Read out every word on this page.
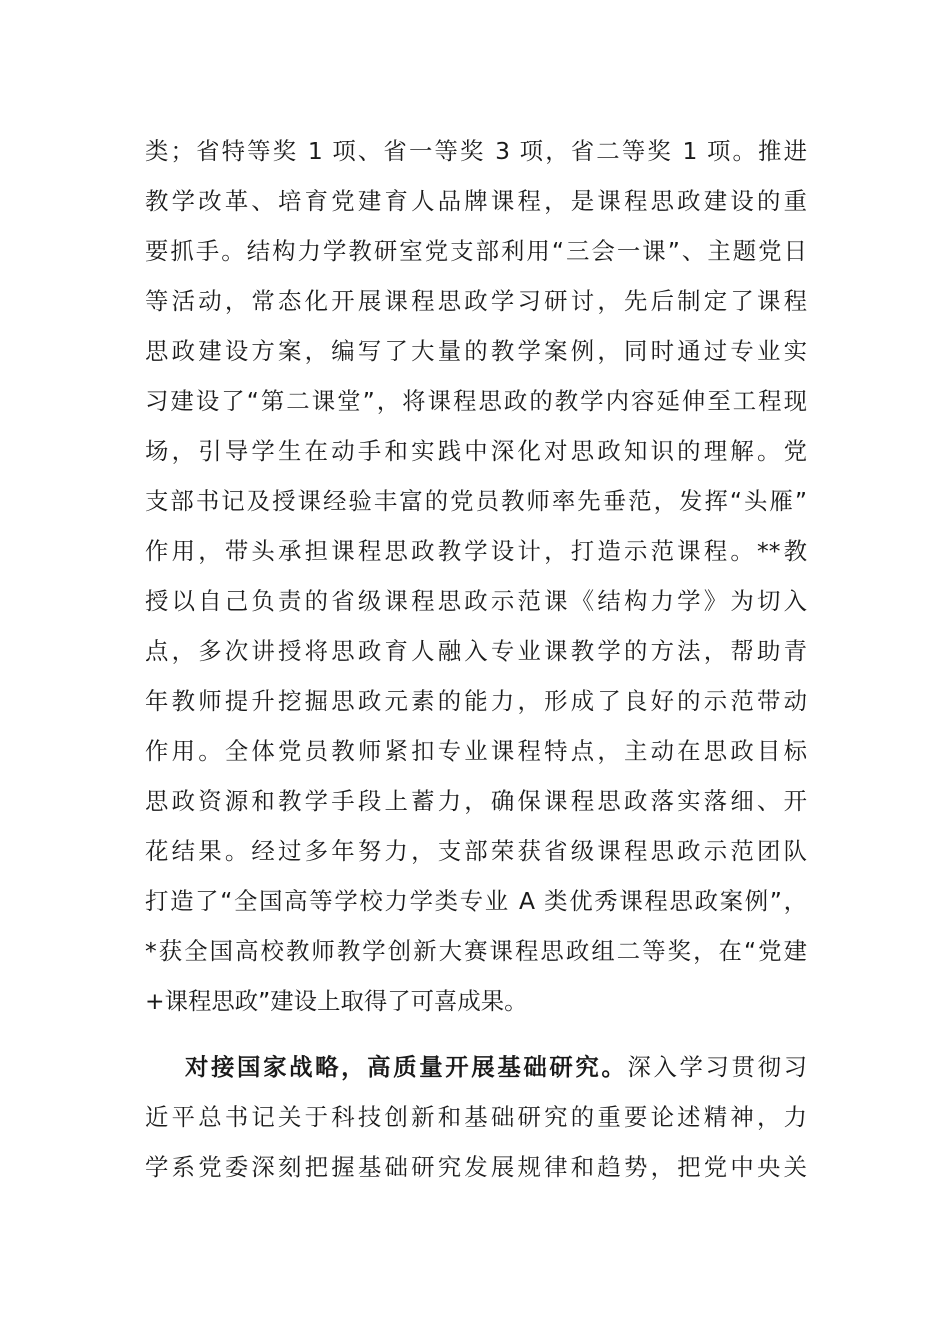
类；省特等奖 1 项、省一等奖 3 项，省二等奖 1 项。推进
教学改革、培育党建育人品牌课程，是课程思政建设的重
要抓手。结构力学教研室党支部利用“三会一课”、主题党日
等活动，常态化开展课程思政学习研讨，先后制定了课程
思政建设方案，编写了大量的教学案例，同时通过专业实
习建设了“第二课堂”，将课程思政的教学内容延伸至工程现
场，引导学生在动手和实践中深化对思政知识的理解。党
支部书记及授课经验丰富的党员教师率先垂范，发挥“头雁”
作用，带头承担课程思政教学设计，打造示范课程。**教
授以自己负责的省级课程思政示范课《结构力学》为切入
点，多次讲授将思政育人融入专业课教学的方法，帮助青
年教师提升挖掘思政元素的能力，形成了良好的示范带动
作用。全体党员教师紧扣专业课程特点，主动在思政目标
思政资源和教学手段上蓄力，确保课程思政落实落细、开
花结果。经过多年努力，支部荣获省级课程思政示范团队
打造了“全国高等学校力学类专业 A 类优秀课程思政案例”，
*获全国高校教师教学创新大赛课程思政组二等奖，在“党建
+课程思政”建设上取得了可喜成果。
对接国家战略，高质量开展基础研究。深入学习贯彻习
近平总书记关于科技创新和基础研究的重要论述精神，力
学系党委深刻把握基础研究发展规律和趋势，把党中央关
